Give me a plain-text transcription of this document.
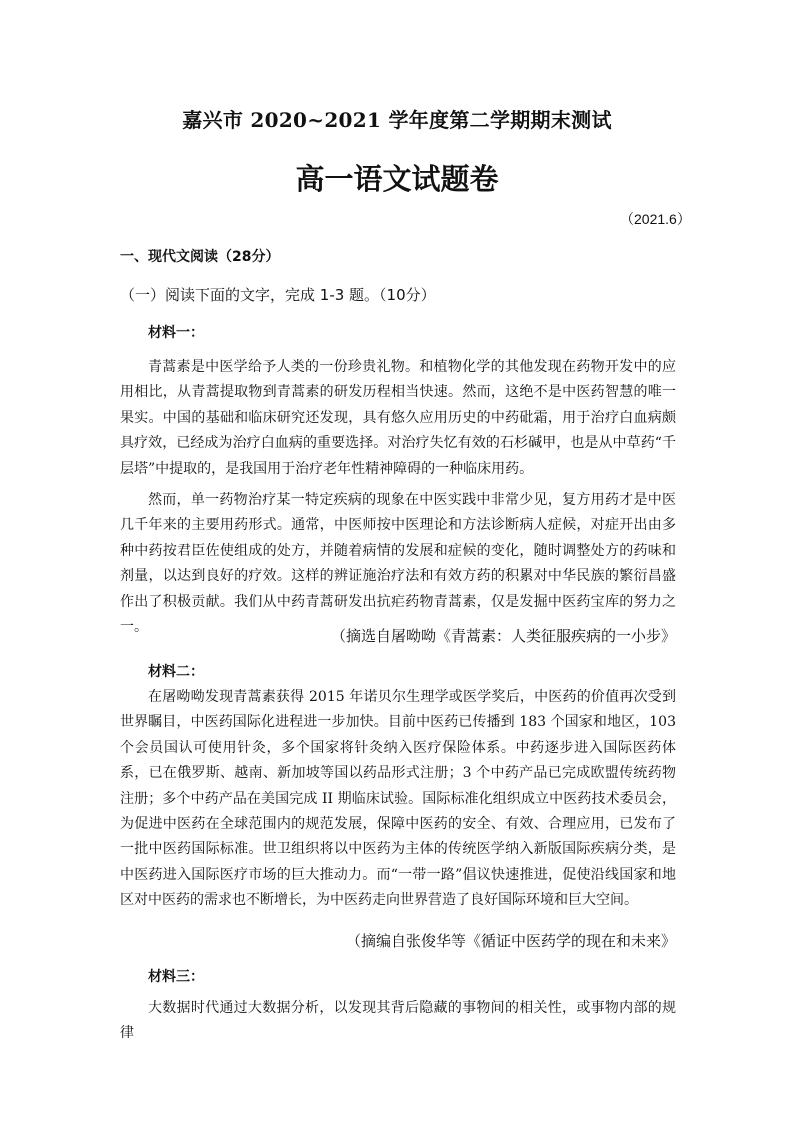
嘉兴市 2020~2021 学年度第二学期期末测试
高一语文试题卷
（2021.6）
一、现代文阅读（28分）
（一）阅读下面的文字，完成 1-3 题。（10分）
材料一：

青蒿素是中医学给予人类的一份珍贵礼物。和植物化学的其他发现在药物开发中的应用相比，从青蒿提取物到青蒿素的研发历程相当快速。然而，这绝不是中医药智慧的唯一果实。中国的基础和临床研究还发现，具有悠久应用历史的中药砒霜，用于治疗白血病颇具疗效，已经成为治疗白血病的重要选择。对治疗失忆有效的石杉碱甲，也是从中草药“千层塔”中提取的，是我国用于治疗老年性精神障碍的一种临床用药。

然而，单一药物治疗某一特定疾病的现象在中医实践中非常少见，复方用药才是中医几千年来的主要用药形式。通常，中医师按中医理论和方法诊断病人症候，对症开出由多种中药按君臣佐使组成的处方，并随着病情的发展和症候的变化，随时调整处方的药味和剂量，以达到良好的疗效。这样的辨证施治疗法和有效方药的积累对中华民族的繁衍昌盛作出了积极贡献。我们从中药青蒿研发出抗疟药物青蒿素，仅是发掘中医药宝库的努力之一。	（摘选自屠呦呦《青蒿素：人类征服疾病的一小步》
材料二：

在屠呦呦发现青蒿素获得 2015 年诺贝尔生理学或医学奖后，中医药的价值再次受到世界瞩目，中医药国际化进程进一步加快。目前中医药已传播到 183 个国家和地区，103 个会员国认可使用针灸，多个国家将针灸纳入医疗保险体系。中药逐步进入国际医药体系，已在俄罗斯、越南、新加坡等国以药品形式注册；3 个中药产品已完成欧盟传统药物注册；多个中药产品在美国完成 II 期临床试验。国际标准化组织成立中医药技术委员会，为促进中医药在全球范围内的规范发展，保障中医药的安全、有效、合理应用，已发布了一批中医药国际标准。世卫组织将以中医药为主体的传统医学纳入新版国际疾病分类，是中医药进入国际医疗市场的巨大推动力。而“一带一路”倡议快速推进，促使沿线国家和地区对中医药的需求也不断增长，为中医药走向世界营造了良好国际环境和巨大空间。

（摘编自张俊华等《循证中医药学的现在和未来》
材料三：

大数据时代通过大数据分析，以发现其背后隐藏的事物间的相关性，或事物内部的规律
